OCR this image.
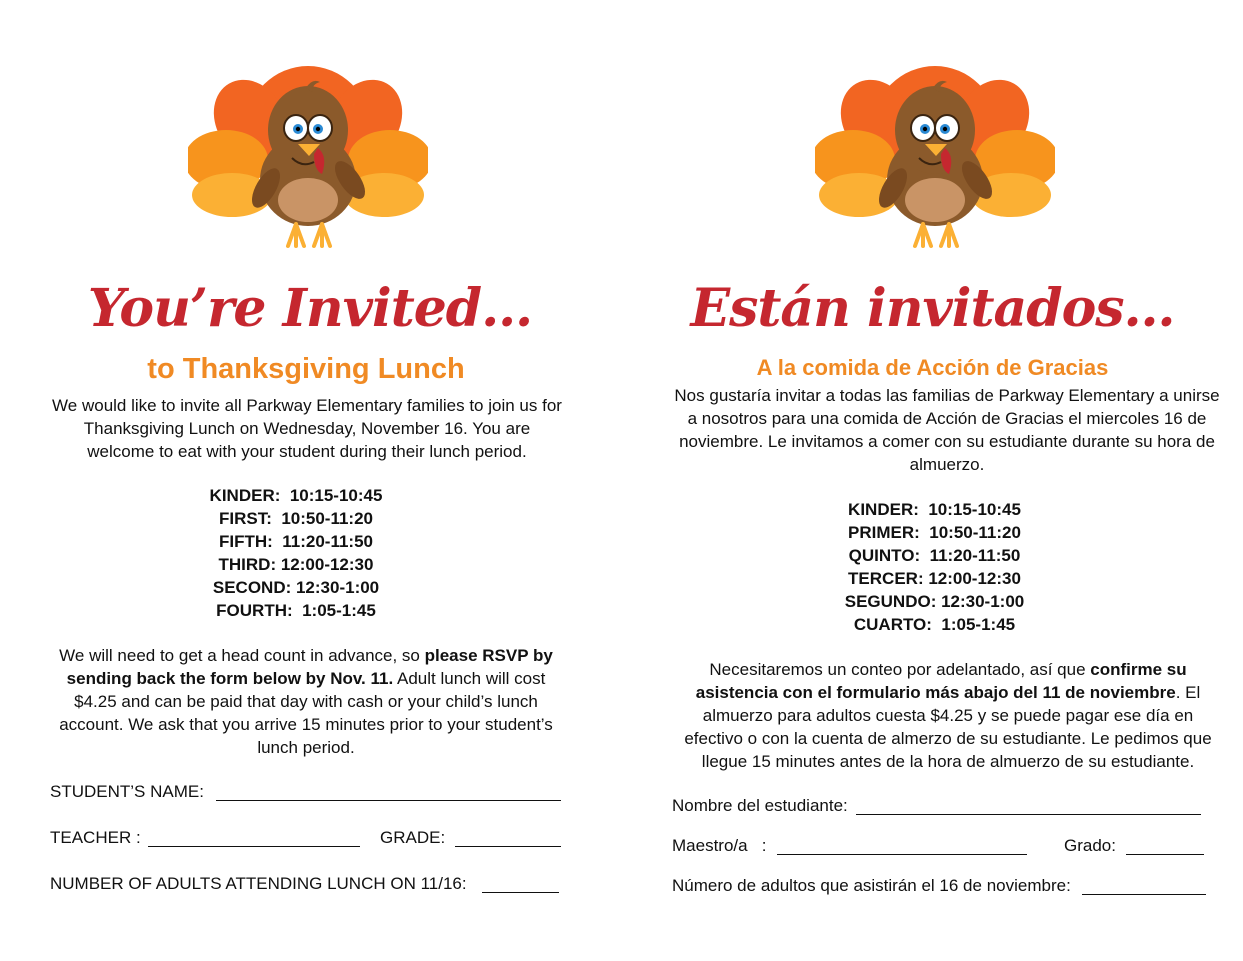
You’re Invited…
to Thanksgiving Lunch
We would like to invite all Parkway Elementary families to join us for Thanksgiving Lunch on Wednesday, November 16. You are welcome to eat with your student during their lunch period.
KINDER:  10:15-10:45
FIRST:  10:50-11:20
FIFTH:  11:20-11:50
THIRD: 12:00-12:30
SECOND: 12:30-1:00
FOURTH:  1:05-1:45
We will need to get a head count in advance, so please RSVP by sending back the form below by Nov. 11. Adult lunch will cost $4.25 and can be paid that day with cash or your child’s lunch account. We ask that you arrive 15 minutes prior to your student’s lunch period.
STUDENT’S NAME:
TEACHER :	GRADE:
NUMBER OF ADULTS ATTENDING LUNCH ON 11/16:
Están invitados…
A la comida de Acción de Gracias
Nos gustaría invitar a todas las familias de Parkway Elementary a unirse a nosotros para una comida de Acción de Gracias el miercoles 16 de noviembre. Le invitamos a comer con su estudiante durante su hora de almuerzo.
KINDER:  10:15-10:45
PRIMER:  10:50-11:20
QUINTO:  11:20-11:50
TERCER: 12:00-12:30
SEGUNDO: 12:30-1:00
CUARTO:  1:05-1:45
Necesitaremos un conteo por adelantado, así que confirme su asistencia con el formulario más abajo del 11 de noviembre. El almuerzo para adultos cuesta $4.25 y se puede pagar ese día en efectivo o con la cuenta de almerzo de su estudiante. Le pedimos que llegue 15 minutes antes de la hora de almuerzo de su estudiante.
Nombre del estudiante:
Maestro/a   :	Grado:
Número de adultos que asistirán el 16 de noviembre:
